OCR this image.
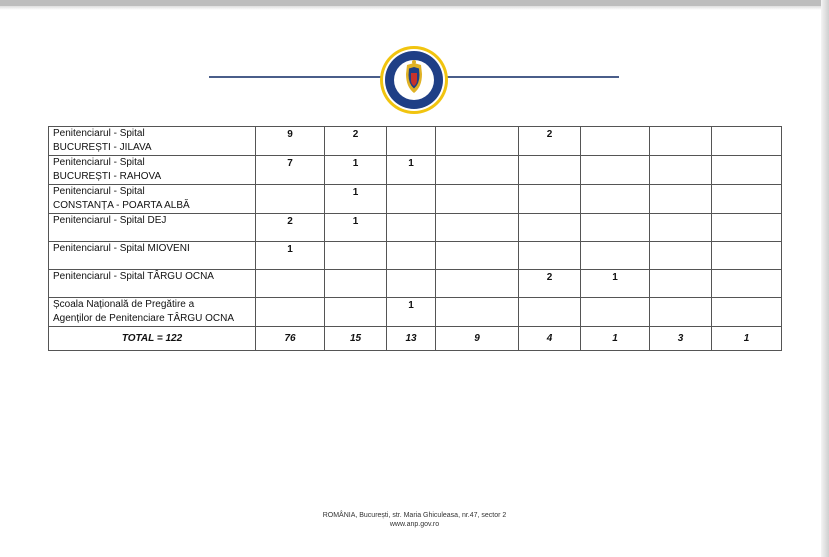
Penitenciarul - Spital
BUCUREȘTI - JILAVA	9	2			2			

Penitenciarul - Spital
BUCUREȘTI - RAHOVA	7	1	1					

Penitenciarul - Spital
CONSTANȚA - POARTA ALBĂ		1						

Penitenciarul - Spital DEJ	2	1						

Penitenciarul - Spital MIOVENI	1							

Penitenciarul - Spital TÂRGU OCNA					2	1		

Școala Națională de Pregătire a
Agenților de Penitenciare TÂRGU OCNA			1					
TOTAL = 122	76	15	13	9	4	1	3	1
ROMÂNIA, București, str. Maria Ghiculeasa, nr.47, sector 2
www.anp.gov.ro
